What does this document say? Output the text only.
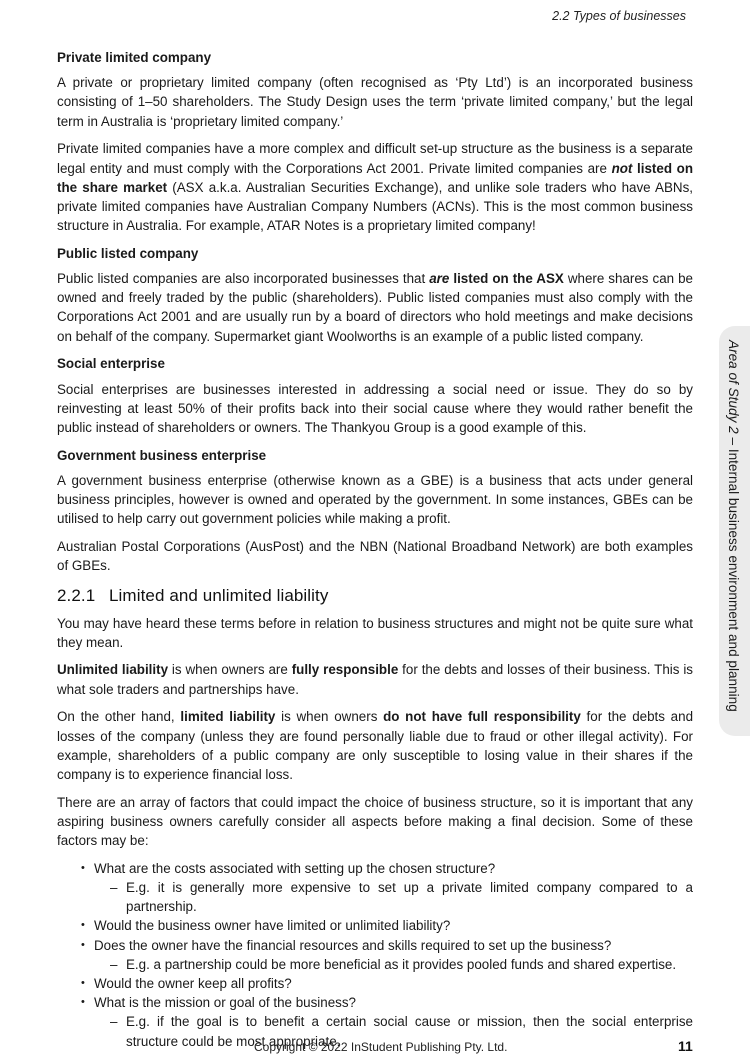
2.2 Types of businesses
Private limited company

A private or proprietary limited company (often recognised as ‘Pty Ltd’) is an incorporated business consisting of 1–50 shareholders. The Study Design uses the term ‘private limited company,’ but the legal term in Australia is ‘proprietary limited company.’

Private limited companies have a more complex and difficult set-up structure as the business is a separate legal entity and must comply with the Corporations Act 2001. Private limited companies are not listed on the share market (ASX a.k.a. Australian Securities Exchange), and unlike sole traders who have ABNs, private limited companies have Australian Company Numbers (ACNs). This is the most common business structure in Australia. For example, ATAR Notes is a proprietary limited company!

Public listed company

Public listed companies are also incorporated businesses that are listed on the ASX where shares can be owned and freely traded by the public (shareholders). Public listed companies must also comply with the Corporations Act 2001 and are usually run by a board of directors who hold meetings and make decisions on behalf of the company. Supermarket giant Woolworths is an example of a public listed company.

Social enterprise

Social enterprises are businesses interested in addressing a social need or issue. They do so by reinvesting at least 50% of their profits back into their social cause where they would rather benefit the public instead of shareholders or owners. The Thankyou Group is a good example of this.

Government business enterprise

A government business enterprise (otherwise known as a GBE) is a business that acts under general business principles, however is owned and operated by the government. In some instances, GBEs can be utilised to help carry out government policies while making a profit.

Australian Postal Corporations (AusPost) and the NBN (National Broadband Network) are both examples of GBEs.

2.2.1 Limited and unlimited liability

You may have heard these terms before in relation to business structures and might not be quite sure what they mean.

Unlimited liability is when owners are fully responsible for the debts and losses of their business. This is what sole traders and partnerships have.

On the other hand, limited liability is when owners do not have full responsibility for the debts and losses of the company (unless they are found personally liable due to fraud or other illegal activity). For example, shareholders of a public company are only susceptible to losing value in their shares if the company is to experience financial loss.

There are an array of factors that could impact the choice of business structure, so it is important that any aspiring business owners carefully consider all aspects before making a final decision. Some of these factors may be:

• What are the costs associated with setting up the chosen structure?
– E.g. it is generally more expensive to set up a private limited company compared to a partnership.
• Would the business owner have limited or unlimited liability?
• Does the owner have the financial resources and skills required to set up the business?
– E.g. a partnership could be more beneficial as it provides pooled funds and shared expertise.
• Would the owner keep all profits?
• What is the mission or goal of the business?
– E.g. if the goal is to benefit a certain social cause or mission, then the social enterprise structure could be most appropriate.
Area of Study 2 – Internal business environment and planning
Copyright © 2022 InStudent Publishing Pty. Ltd.	11
